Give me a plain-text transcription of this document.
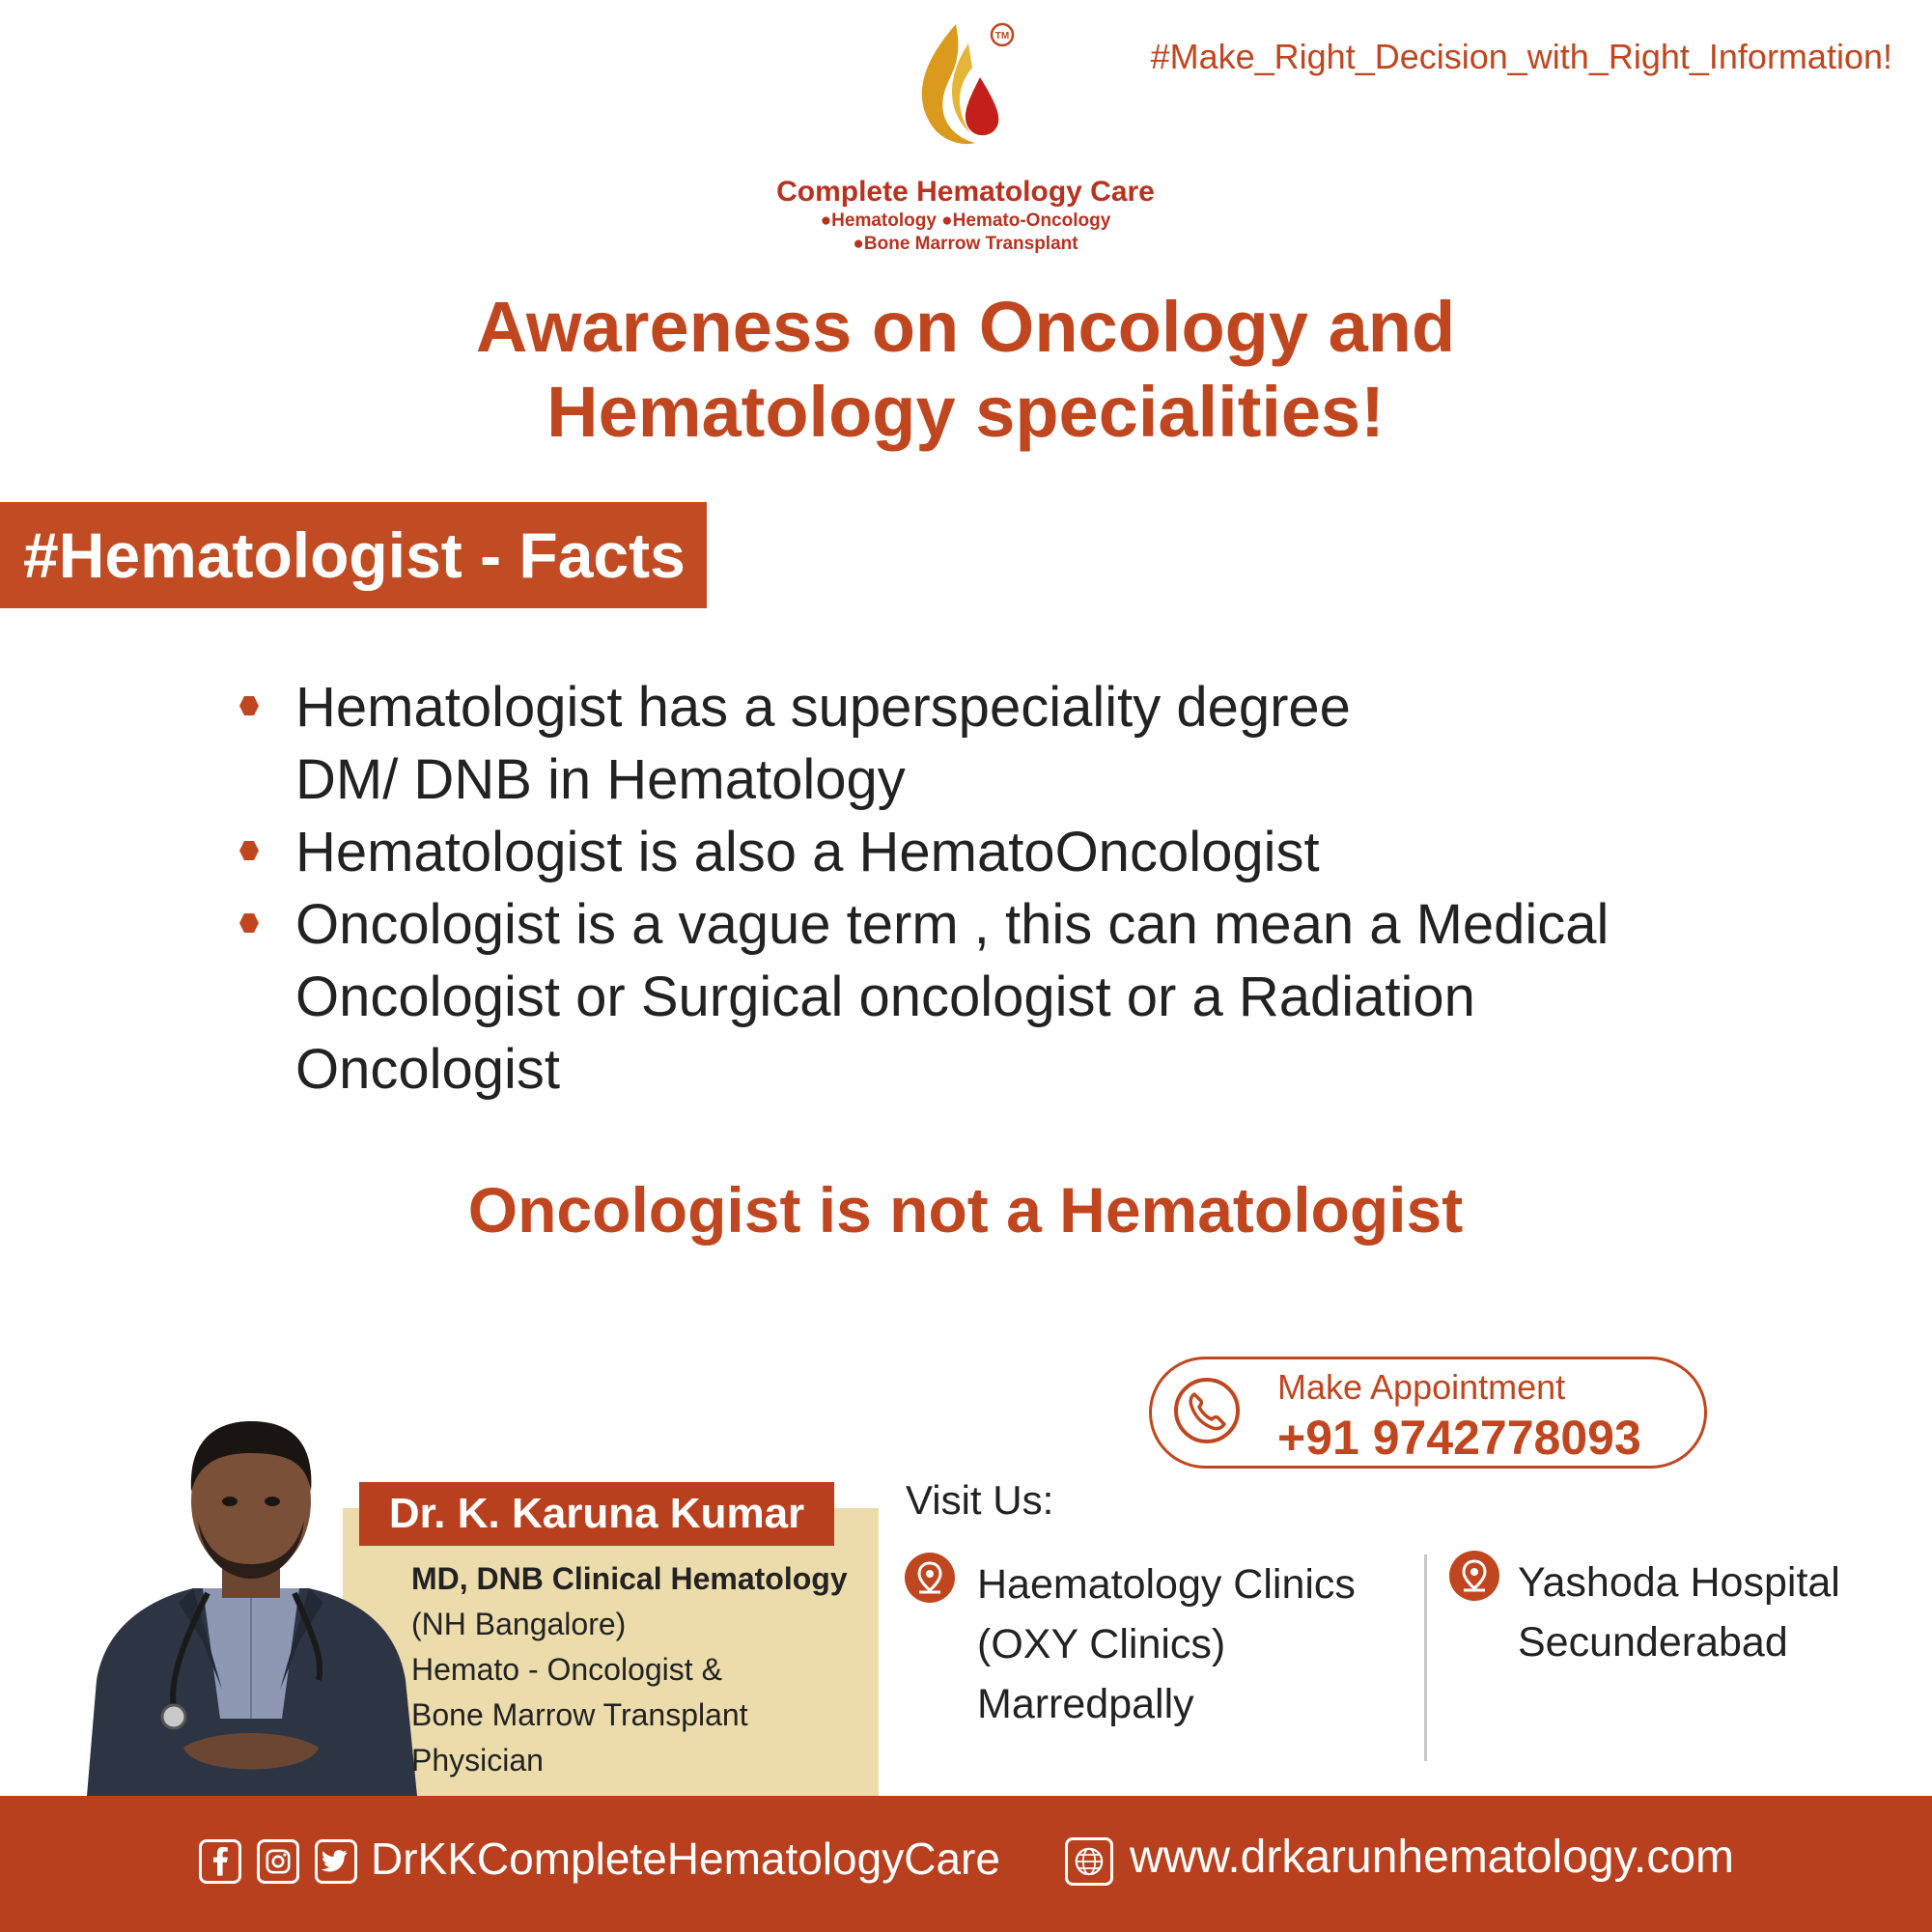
#Make_Right_Decision_with_Right_Information!
TM
Complete Hematology Care
●Hematology ●Hemato-Oncology
●Bone Marrow Transplant
Awareness on Oncology and
Hematology specialities!
#Hematologist - Facts
Hematologist has a superspeciality degree
DM/ DNB in Hematology
Hematologist is also a HematoOncologist
Oncologist is a vague term , this can mean a Medical
Oncologist or Surgical oncologist or a Radiation
Oncologist
Oncologist is not a Hematologist
Make Appointment
+91 9742778093
Dr. K. Karuna Kumar
MD, DNB Clinical Hematology
(NH Bangalore)
Hemato - Oncologist &
Bone Marrow Transplant
Physician
Visit Us:
Haematology Clinics
(OXY Clinics)
Marredpally
Yashoda Hospital
Secunderabad
DrKKCompleteHematologyCare	www.drkarunhematology.com
